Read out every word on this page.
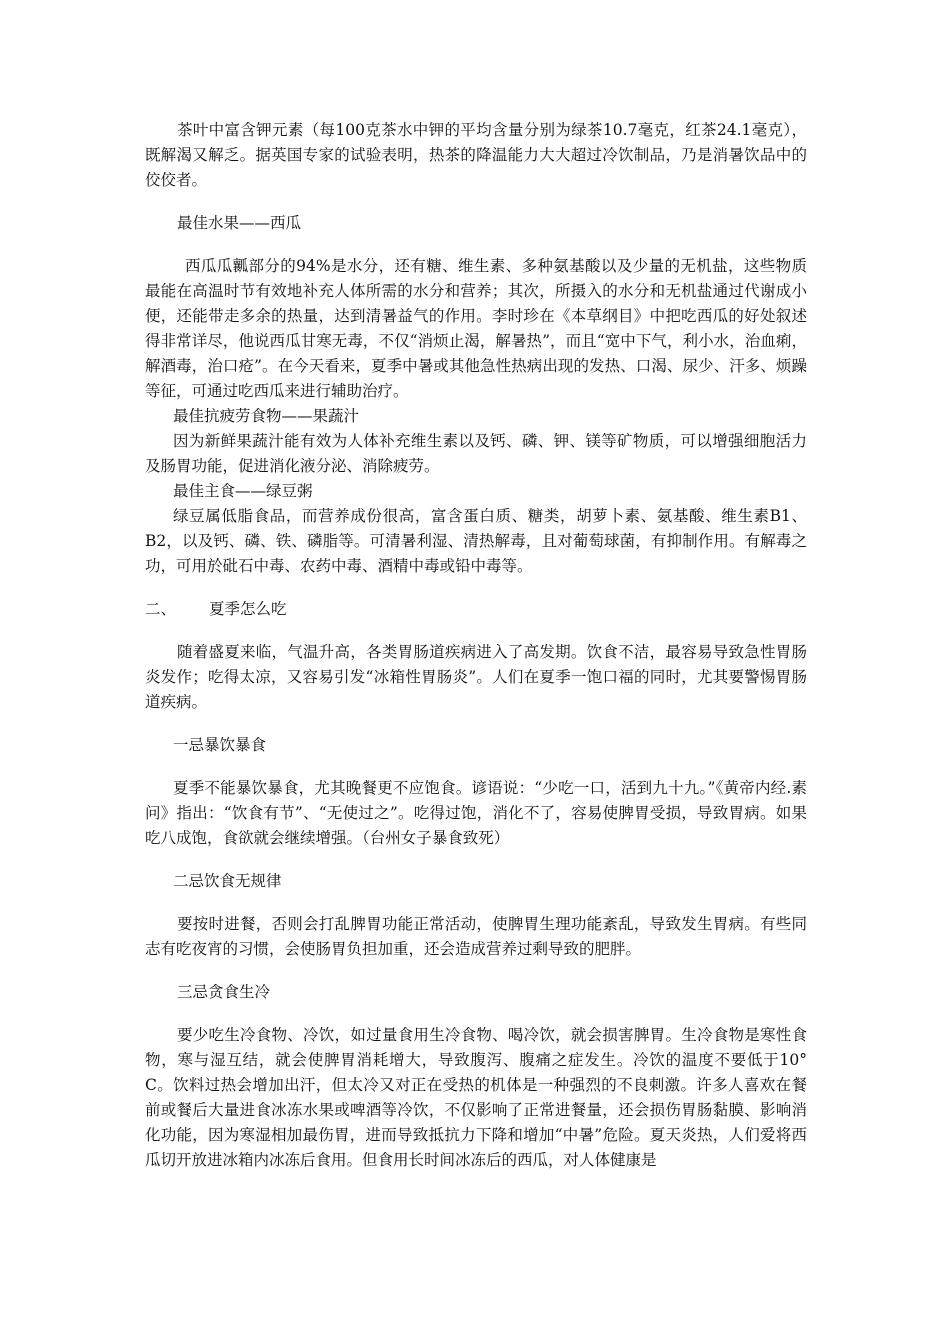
茶叶中富含钾元素（每100克茶水中钾的平均含量分别为绿茶10.7毫克，红茶24.1毫克），既解渴又解乏。据英国专家的试验表明，热茶的降温能力大大超过冷饮制品，乃是消暑饮品中的佼佼者。

最佳水果——西瓜

西瓜瓜瓤部分的94%是水分，还有糖、维生素、多种氨基酸以及少量的无机盐，这些物质最能在高温时节有效地补充人体所需的水分和营养；其次，所摄入的水分和无机盐通过代谢成小便，还能带走多余的热量，达到清暑益气的作用。李时珍在《本草纲目》中把吃西瓜的好处叙述得非常详尽，他说西瓜甘寒无毒，不仅“消烦止渴，解暑热”，而且“宽中下气，利小水，治血痢，解酒毒，治口疮”。在今天看来，夏季中暑或其他急性热病出现的发热、口渴、尿少、汗多、烦躁等征，可通过吃西瓜来进行辅助治疗。

最佳抗疲劳食物——果蔬汁

因为新鲜果蔬汁能有效为人体补充维生素以及钙、磷、钾、镁等矿物质，可以增强细胞活力及肠胃功能，促进消化液分泌、消除疲劳。

最佳主食——绿豆粥

绿豆属低脂食品，而营养成份很高，富含蛋白质、糖类，胡萝卜素、氨基酸、维生素B1、B2，以及钙、磷、铁、磷脂等。可清暑利湿、清热解毒，且对葡萄球菌，有抑制作用。有解毒之功，可用於砒石中毒、农药中毒、酒精中毒或铅中毒等。

二、 夏季怎么吃

随着盛夏来临，气温升高，各类胃肠道疾病进入了高发期。饮食不洁，最容易导致急性胃肠炎发作；吃得太凉，又容易引发“冰箱性胃肠炎”。人们在夏季一饱口福的同时，尤其要警惕胃肠道疾病。

一忌暴饮暴食

夏季不能暴饮暴食，尤其晚餐更不应饱食。谚语说：“少吃一口，活到九十九。”《黄帝内经.素问》指出：“饮食有节”、“无使过之”。吃得过饱，消化不了，容易使脾胃受损，导致胃病。如果吃八成饱，食欲就会继续增强。（台州女子暴食致死）

二忌饮食无规律

要按时进餐，否则会打乱脾胃功能正常活动，使脾胃生理功能紊乱，导致发生胃病。有些同志有吃夜宵的习惯，会使肠胃负担加重，还会造成营养过剩导致的肥胖。

三忌贪食生冷

要少吃生冷食物、冷饮，如过量食用生冷食物、喝冷饮，就会损害脾胃。生冷食物是寒性食物，寒与湿互结，就会使脾胃消耗增大，导致腹泻、腹痛之症发生。冷饮的温度不要低于10° C。饮料过热会增加出汗，但太冷又对正在受热的机体是一种强烈的不良刺激。许多人喜欢在餐前或餐后大量进食冰冻水果或啤酒等冷饮，不仅影响了正常进餐量，还会损伤胃肠黏膜、影响消化功能，因为寒湿相加最伤胃，进而导致抵抗力下降和增加“中暑”危险。夏天炎热，人们爱将西瓜切开放进冰箱内冰冻后食用。但食用长时间冰冻后的西瓜，对人体健康是
